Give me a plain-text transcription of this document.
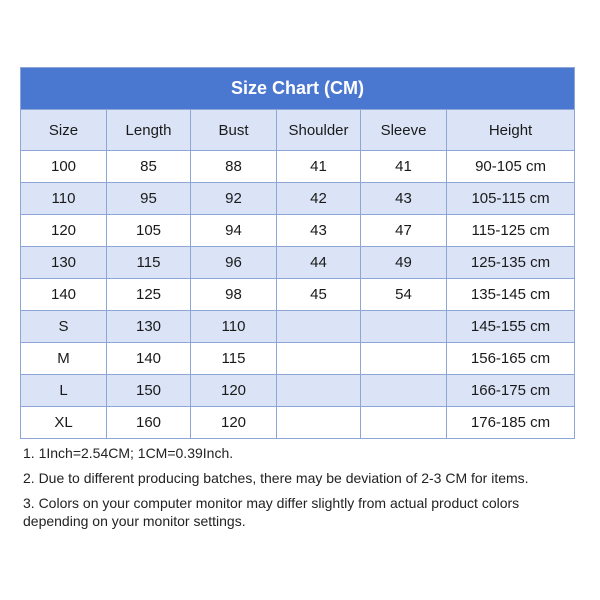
Size Chart (CM)					
Size	Length	Bust	Shoulder	Sleeve	Height
100	85	88	41	41	90-105 cm
110	95	92	42	43	105-115 cm
120	105	94	43	47	115-125 cm
130	115	96	44	49	125-135 cm
140	125	98	45	54	135-145 cm
S	130	110			145-155 cm
M	140	115			156-165 cm
L	150	120			166-175 cm
XL	160	120			176-185 cm

1. 1Inch=2.54CM; 1CM=0.39Inch.

2. Due to different producing batches, there may be deviation of 2-3 CM for items.

3. Colors on your computer monitor may differ slightly from actual product colors depending on your monitor settings.
